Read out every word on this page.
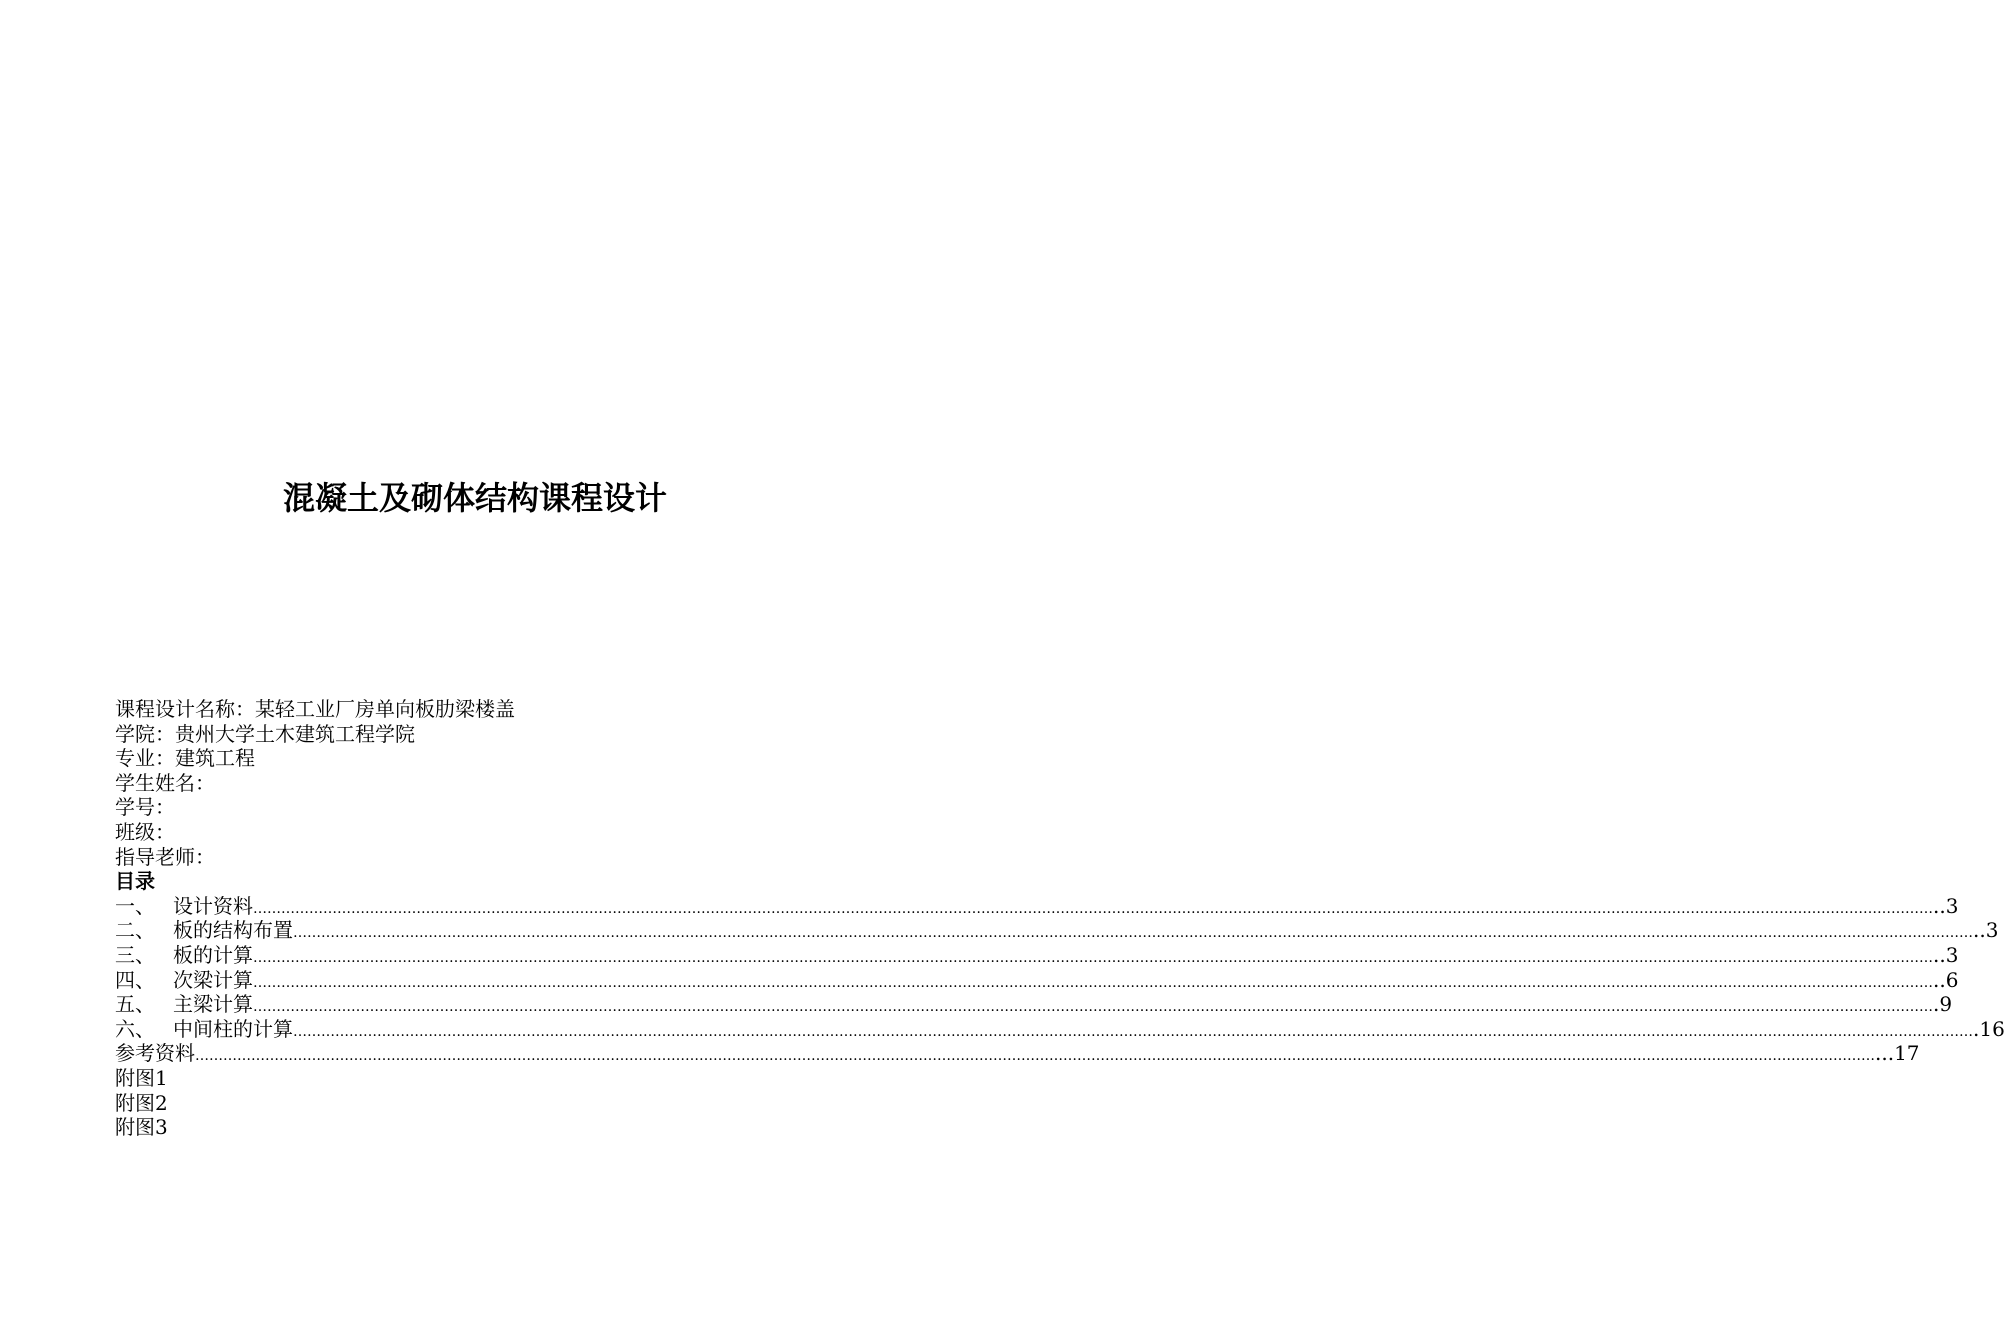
混凝土及砌体结构课程设计
课程设计名称：某轻工业厂房单向板肋梁楼盖
学院：贵州大学土木建筑工程学院
专业：建筑工程
学生姓名：
学号：
班级：
指导老师：
目录
一、 设计资料 ……………………………………………………………………………………………………………………………………………………………………………………………………………………………………………………………………………………………………………………………… ..3
二、 板的结构布置 ……………………………………………………………………………………………………………………………………………………………………………………………………………………………………………………………………………………………………………………………… ..3
三、 板的计算 ……………………………………………………………………………………………………………………………………………………………………………………………………………………………………………………………………………………………………………………………… ..3
四、 次梁计算 ……………………………………………………………………………………………………………………………………………………………………………………………………………………………………………………………………………………………………………………………… ..6
五、 主梁计算 ……………………………………………………………………………………………………………………………………………………………………………………………………………………………………………………………………………………………………………………………… .9
六、 中间柱的计算 ……………………………………………………………………………………………………………………………………………………………………………………………………………………………………………………………………………………………………………………………… .16
参考资料 ……………………………………………………………………………………………………………………………………………………………………………………………………………………………………………………………………………………………………………………………… ...17
附图1
附图2
附图3
